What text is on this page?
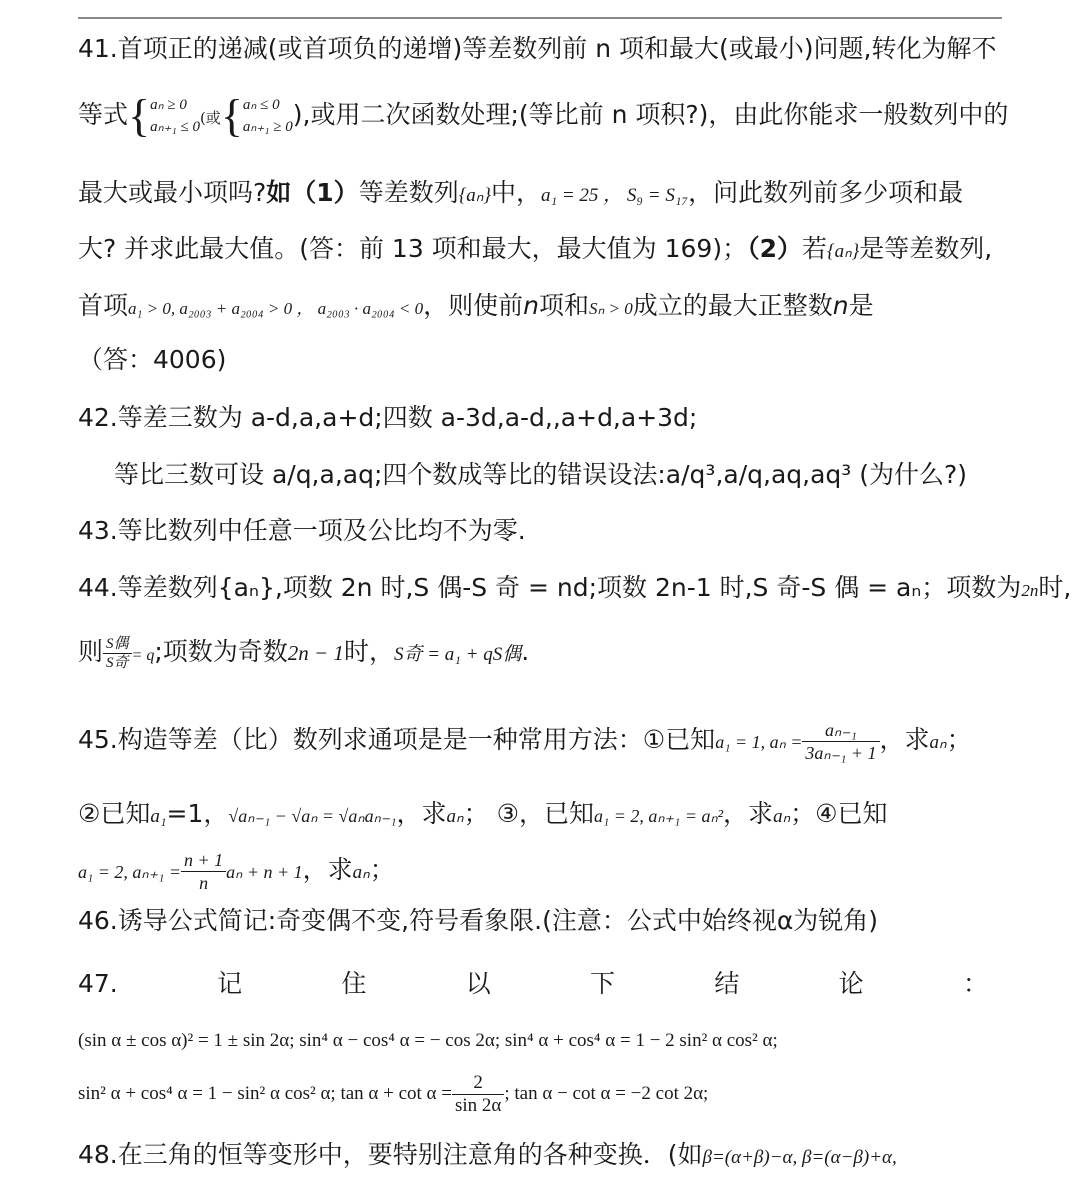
41.首项正的递减(或首项负的递增)等差数列前 n 项和最大(或最小)问题,转化为解不
等式{ aₙ ≥ 0
aₙ₊₁ ≤ 0 (或{ aₙ ≤ 0
aₙ₊₁ ≥ 0 ),或用二次函数处理;(等比前 n 项积?)，由此你能求一般数列中的
最大或最小项吗?如（1）等差数列{aₙ}中，a₁ = 25 ， S₉ = S₁₇，问此数列前多少项和最
大? 并求此最大值。(答：前 13 项和最大，最大值为 169)；（2）若{aₙ}是等差数列,
首项a₁ > 0, a₂₀₀₃ + a₂₀₀₄ > 0 ， a₂₀₀₃ · a₂₀₀₄ < 0，则使前n项和Sₙ > 0成立的最大正整数n是
（答：4006)
42.等差三数为 a-d,a,a+d;四数 a-3d,a-d,,a+d,a+3d;
等比三数可设 a/q,a,aq;四个数成等比的错误设法:a/q³,a/q,aq,aq³ (为什么?)
43.等比数列中任意一项及公比均不为零.
44.等差数列{aₙ},项数 2n 时,S 偶-S 奇 = nd;项数 2n-1 时,S 奇-S 偶 = aₙ；项数为2n时,
则 $\frac{\text{S偶}}{\text{S奇}} = q$;项数为奇数2n − 1时，S奇 = a₁ + qS偶.
45.构造等差（比）数列求通项是是一种常用方法：①已知a₁ = 1, $a_n = \frac{\text{aₙ₋₁}}{\text{3aₙ₋₁ + 1}}$ ，求aₙ；
②已知a₁=1，√aₙ₋₁ − √aₙ = √aₙaₙ₋₁，求aₙ； ③，已知a₁ = 2, aₙ₊₁ = aₙ²，求aₙ；④已知
a₁ = 2, $a_{n+1} = \frac{n + 1}{n}$ aₙ + n + 1，求aₙ；
46.诱导公式简记:奇变偶不变,符号看象限.(注意：公式中始终视α为锐角)
47.	记	住	以	下	结	论	：
(sin α ± cos α)² = 1 ± sin 2α; sin⁴ α − cos⁴ α = − cos 2α; sin⁴ α + cos⁴ α = 1 − 2 sin² α cos² α;
sin² α + cos⁴ α = 1 − sin² α cos² α; $\tan \alpha + \cot \alpha = \frac{2}{\sin 2\alpha}$ ; tan α − cot α = −2 cot 2α;
48.在三角的恒等变形中，要特别注意角的各种变换．(如β=(α+β)−α, β=(α−β)+α,
